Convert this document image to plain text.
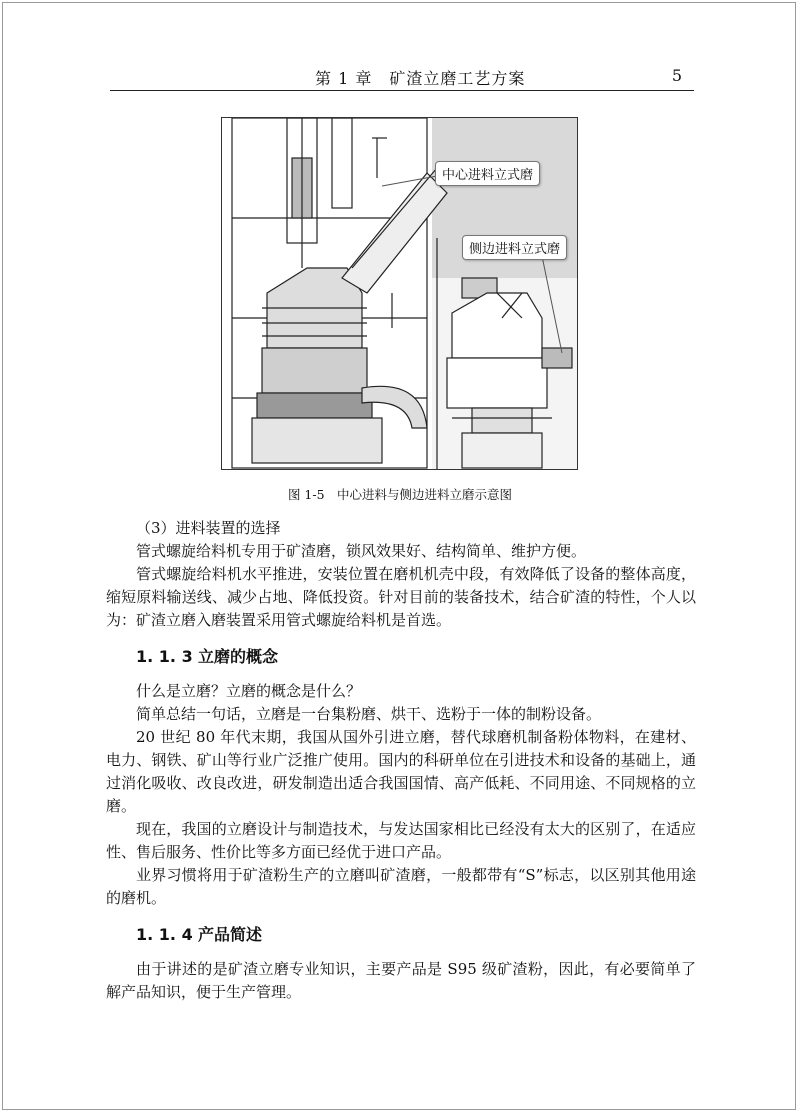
第 1 章　矿渣立磨工艺方案	5
中心进料立式磨
侧边进料立式磨
图 1-5　中心进料与侧边进料立磨示意图

（3）进料装置的选择

管式螺旋给料机专用于矿渣磨，锁风效果好、结构简单、维护方便。

管式螺旋给料机水平推进，安装位置在磨机机壳中段，有效降低了设备的整体高度，缩短原料输送线、减少占地、降低投资。针对目前的装备技术，结合矿渣的特性，个人以为：矿渣立磨入磨装置采用管式螺旋给料机是首选。

1. 1. 3 立磨的概念

什么是立磨？立磨的概念是什么？

简单总结一句话，立磨是一台集粉磨、烘干、选粉于一体的制粉设备。

20 世纪 80 年代末期，我国从国外引进立磨，替代球磨机制备粉体物料，在建材、电力、钢铁、矿山等行业广泛推广使用。国内的科研单位在引进技术和设备的基础上，通过消化吸收、改良改进，研发制造出适合我国国情、高产低耗、不同用途、不同规格的立磨。

现在，我国的立磨设计与制造技术，与发达国家相比已经没有太大的区别了，在适应性、售后服务、性价比等多方面已经优于进口产品。

业界习惯将用于矿渣粉生产的立磨叫矿渣磨，一般都带有“S”标志，以区别其他用途的磨机。

1. 1. 4 产品简述

由于讲述的是矿渣立磨专业知识，主要产品是 S95 级矿渣粉，因此，有必要简单了解产品知识，便于生产管理。
